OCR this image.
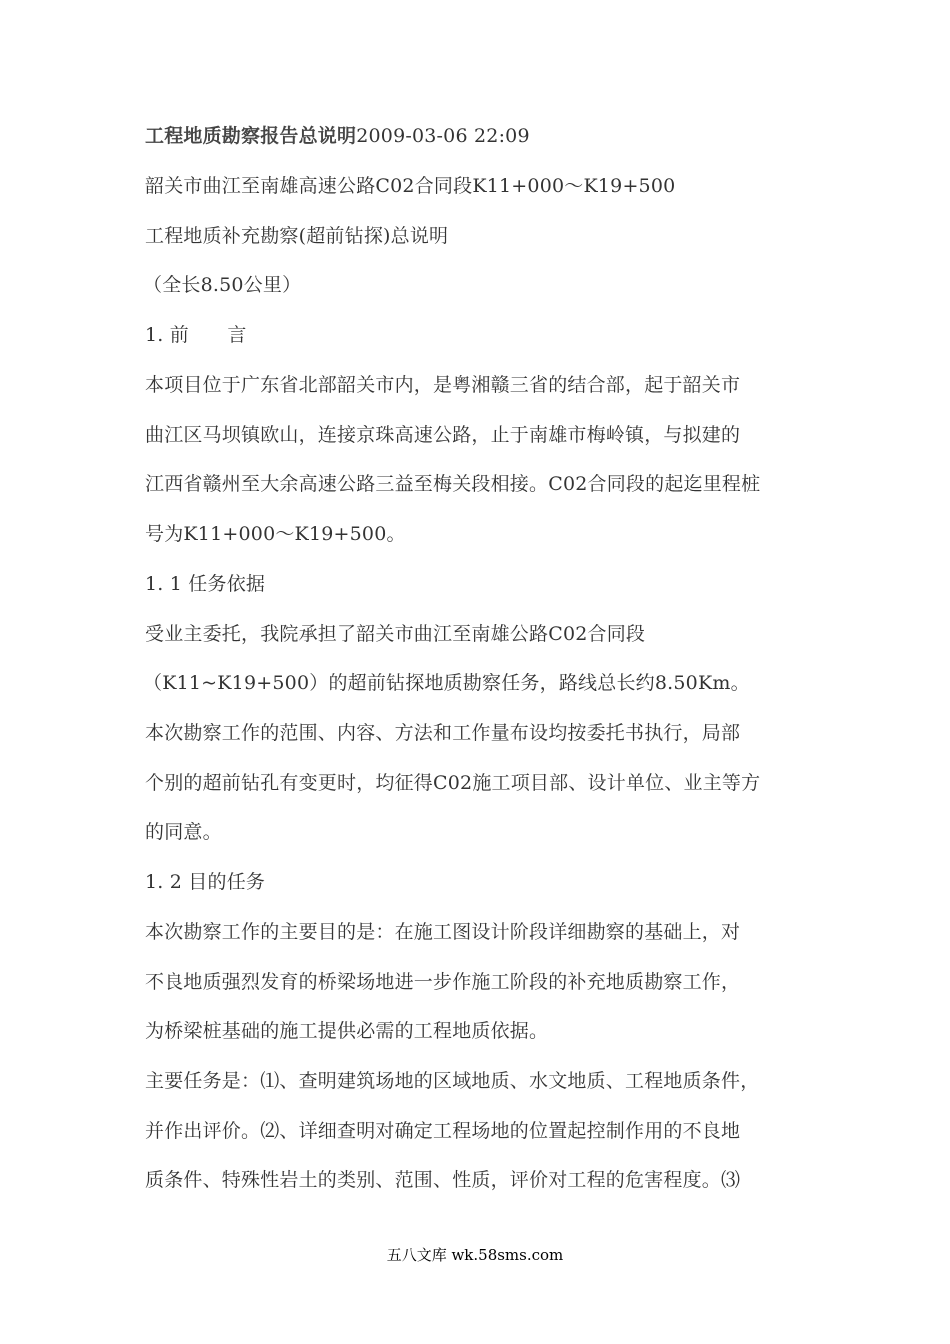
工程地质勘察报告总说明2009-03-06 22:09
韶关市曲江至南雄高速公路C02合同段K11+000～K19+500
工程地质补充勘察(超前钻探)总说明
（全长8.50公里）
1. 前　　言
本项目位于广东省北部韶关市内，是粤湘赣三省的结合部，起于韶关市
曲江区马坝镇欧山，连接京珠高速公路，止于南雄市梅岭镇，与拟建的
江西省赣州至大余高速公路三益至梅关段相接。C02合同段的起迄里程桩
号为K11+000～K19+500。
1. 1 任务依据
受业主委托，我院承担了韶关市曲江至南雄公路C02合同段
（K11~K19+500）的超前钻探地质勘察任务，路线总长约8.50Km。
本次勘察工作的范围、内容、方法和工作量布设均按委托书执行，局部
个别的超前钻孔有变更时，均征得C02施工项目部、设计单位、业主等方
的同意。
1. 2 目的任务
本次勘察工作的主要目的是：在施工图设计阶段详细勘察的基础上，对
不良地质强烈发育的桥梁场地进一步作施工阶段的补充地质勘察工作，
为桥梁桩基础的施工提供必需的工程地质依据。
主要任务是：⑴、查明建筑场地的区域地质、水文地质、工程地质条件，
并作出评价。⑵、详细查明对确定工程场地的位置起控制作用的不良地
质条件、特殊性岩土的类别、范围、性质，评价对工程的危害程度。⑶
五八文库 wk.58sms.com
